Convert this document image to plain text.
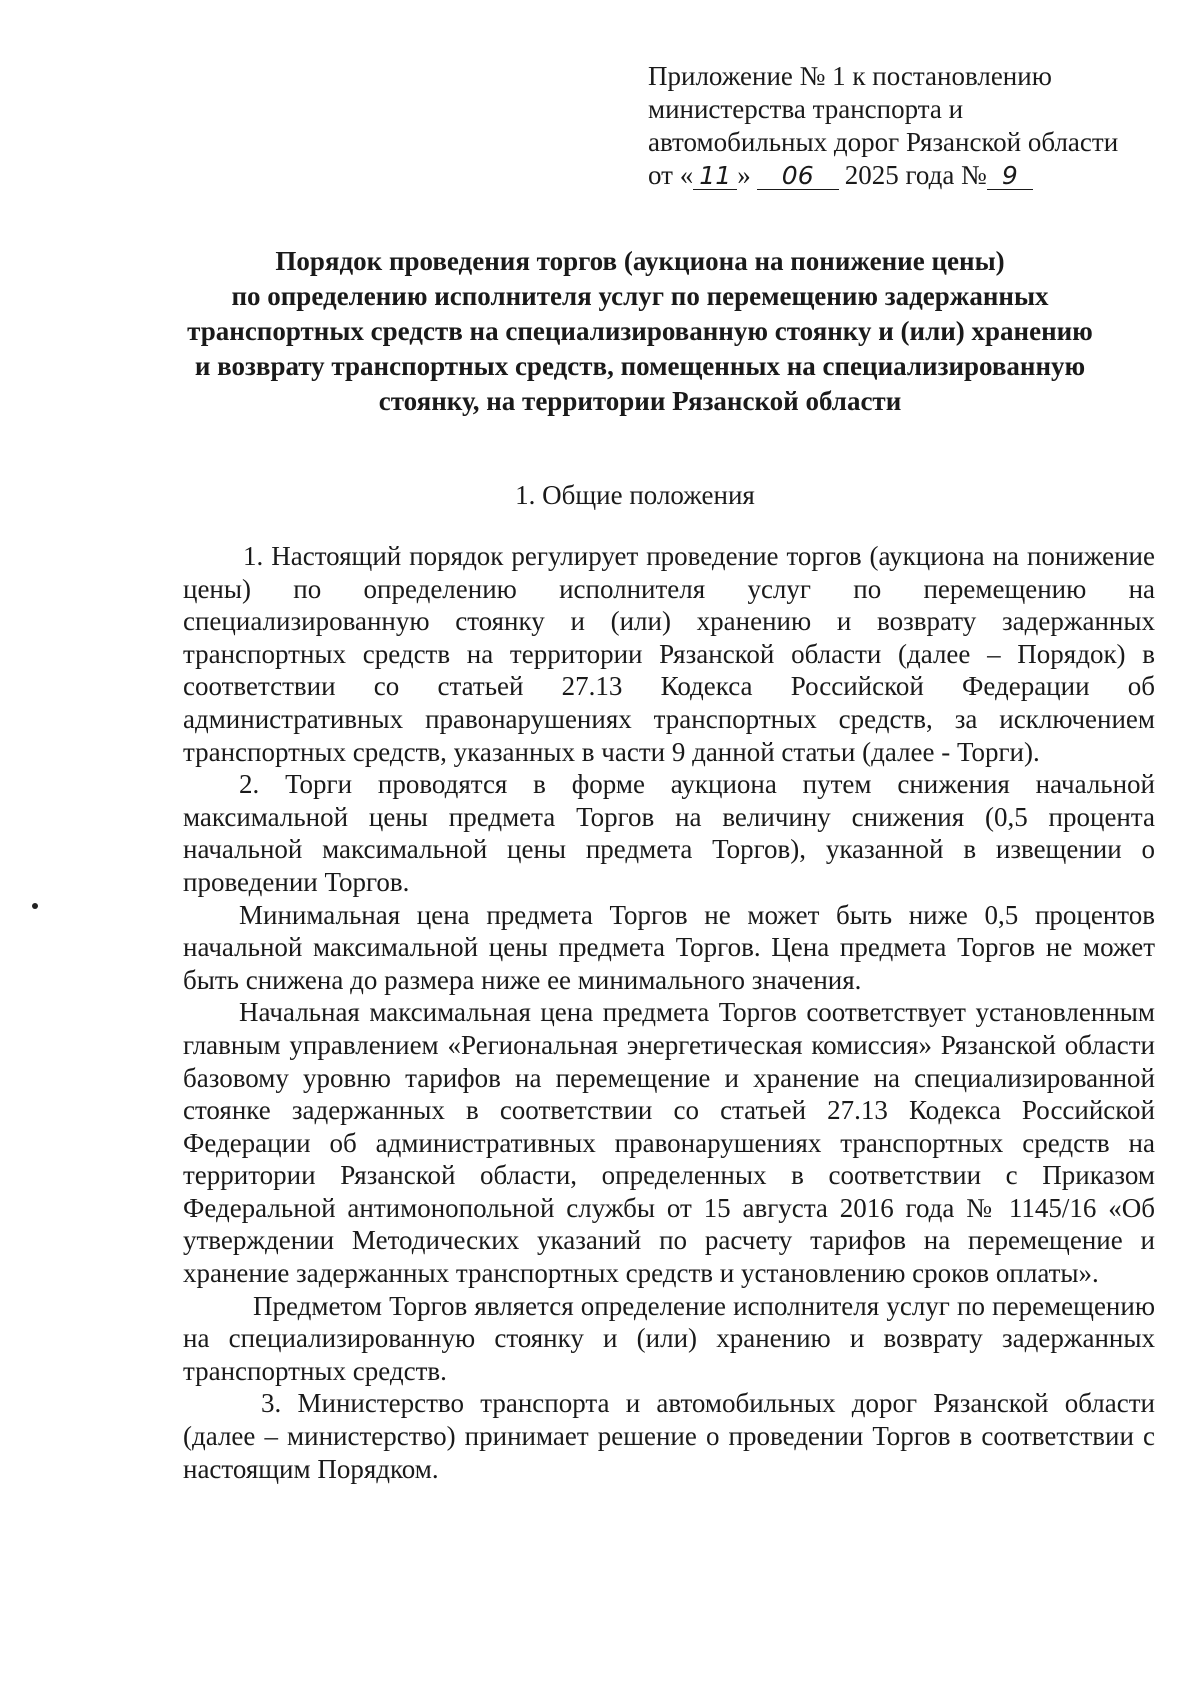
Приложение № 1 к постановлению
министерства транспорта и
автомобильных дорог Рязанской области
от « 11 » 06 2025 года № 9
Порядок проведения торгов (аукциона на понижение цены)
по определению исполнителя услуг по перемещению задержанных
транспортных средств на специализированную стоянку и (или) хранению
и возврату транспортных средств, помещенных на специализированную
стоянку, на территории Рязанской области
1. Общие положения

1. Настоящий порядок регулирует проведение торгов (аукциона на понижение цены) по определению исполнителя услуг по перемещению на специализированную стоянку и (или) хранению и возврату задержанных транспортных средств на территории Рязанской области (далее – Порядок) в соответствии со статьей 27.13 Кодекса Российской Федерации об административных правонарушениях транспортных средств, за исключением транспортных средств, указанных в части 9 данной статьи (далее - Торги).

2. Торги проводятся в форме аукциона путем снижения начальной максимальной цены предмета Торгов на величину снижения (0,5 процента начальной максимальной цены предмета Торгов), указанной в извещении о проведении Торгов.

Минимальная цена предмета Торгов не может быть ниже 0,5 процентов начальной максимальной цены предмета Торгов. Цена предмета Торгов не может быть снижена до размера ниже ее минимального значения.

Начальная максимальная цена предмета Торгов соответствует установленным главным управлением «Региональная энергетическая комиссия» Рязанской области базовому уровню тарифов на перемещение и хранение на специализированной стоянке задержанных в соответствии со статьей 27.13 Кодекса Российской Федерации об административных правонарушениях транспортных средств на территории Рязанской области, определенных в соответствии с Приказом Федеральной антимонопольной службы от 15 августа 2016 года № 1145/16 «Об утверждении Методических указаний по расчету тарифов на перемещение и хранение задержанных транспортных средств и установлению сроков оплаты».

Предметом Торгов является определение исполнителя услуг по перемещению на специализированную стоянку и (или) хранению и возврату задержанных транспортных средств.

3. Министерство транспорта и автомобильных дорог Рязанской области (далее – министерство) принимает решение о проведении Торгов в соответствии с настоящим Порядком.
